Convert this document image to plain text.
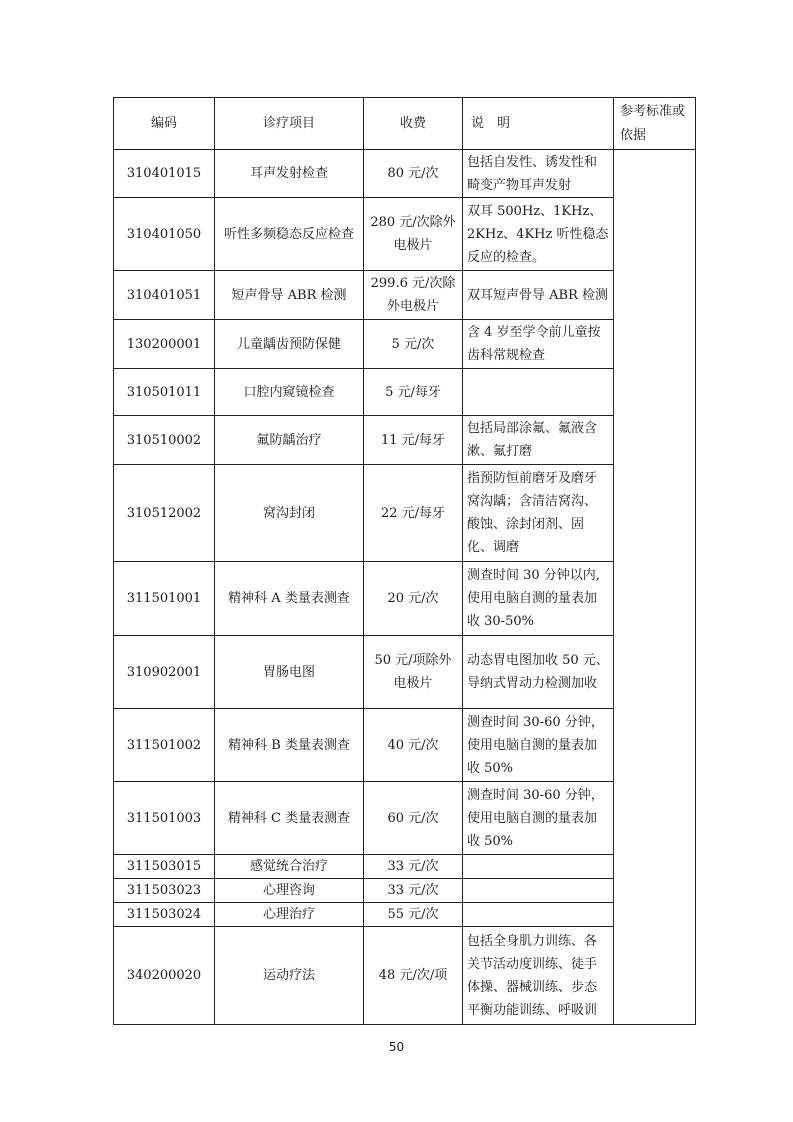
编码	诊疗项目	收费	说　明	参考标准或依据
310401015	耳声发射检查	80 元/次	包括自发性、诱发性和畸变产物耳声发射	
310401050	听性多频稳态反应检查	280 元/次除外电极片	双耳 500Hz、1KHz、2KHz、4KHz 听性稳态反应的检查。	
310401051	短声骨导 ABR 检测	299.6 元/次除外电极片	双耳短声骨导 ABR 检测	
130200001	儿童龋齿预防保健	5 元/次	含 4 岁至学令前儿童按齿科常规检查	
310501011	口腔内窥镜检查	5 元/每牙		
310510002	氟防龋治疗	11 元/每牙	包括局部涂氟、氟液含漱、氟打磨	
310512002	窝沟封闭	22 元/每牙	指预防恒前磨牙及磨牙窝沟龋；含清洁窝沟、酸蚀、涂封闭剂、固化、调磨	
311501001	精神科 A 类量表测查	20 元/次	测查时间 30 分钟以内,使用电脑自测的量表加收 30-50%	
310902001	胃肠电图	50 元/项除外电极片	动态胃电图加收 50 元、导纳式胃动力检测加收	
311501002	精神科 B 类量表测查	40 元/次	测查时间 30-60 分钟，使用电脑自测的量表加收 50%	
311501003	精神科 C 类量表测查	60 元/次	测查时间 30-60 分钟，使用电脑自测的量表加收 50%	
311503015	感觉统合治疗	33 元/次		
311503023	心理咨询	33 元/次		
311503024	心理治疗	55 元/次		
340200020	运动疗法	48 元/次/项	包括全身肌力训练、各关节活动度训练、徒手体操、器械训练、步态平衡功能训练、呼吸训	
50
